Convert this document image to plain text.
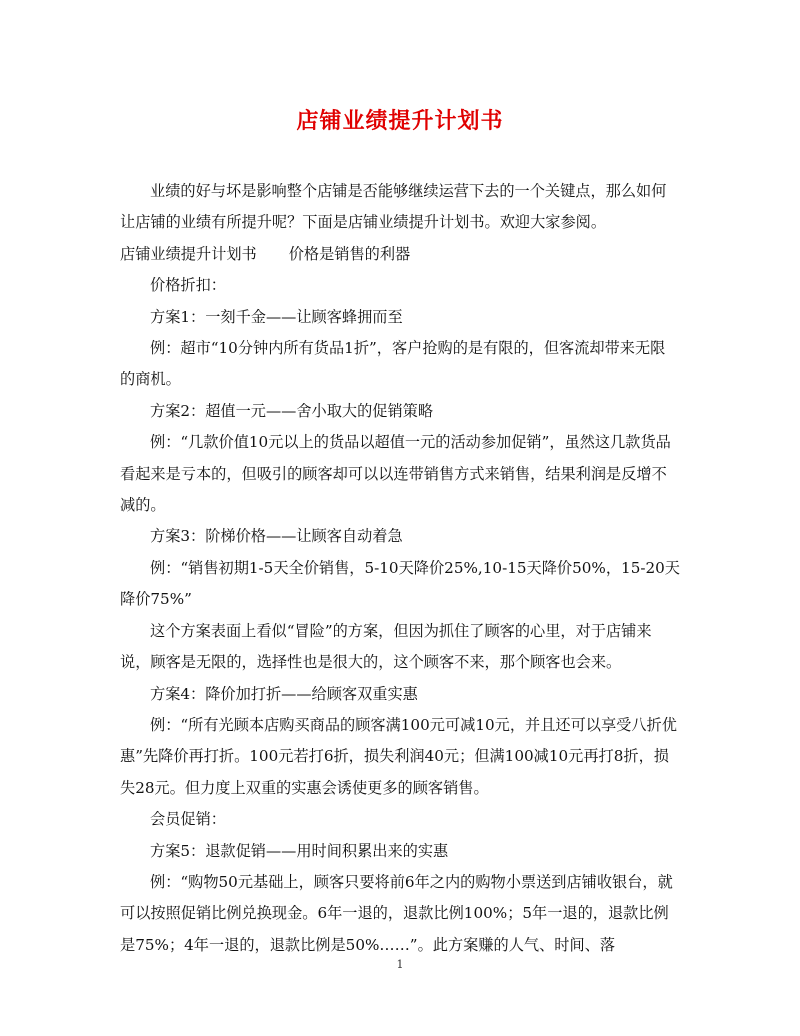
店铺业绩提升计划书

业绩的好与坏是影响整个店铺是否能够继续运营下去的一个关键点，那么如何让店铺的业绩有所提升呢？下面是店铺业绩提升计划书。欢迎大家参阅。

店铺业绩提升计划书 价格是销售的利器

价格折扣：

方案1：一刻千金——让顾客蜂拥而至

例：超市“10分钟内所有货品1折”，客户抢购的是有限的，但客流却带来无限的商机。

方案2：超值一元——舍小取大的促销策略

例：“几款价值10元以上的货品以超值一元的活动参加促销”，虽然这几款货品看起来是亏本的，但吸引的顾客却可以以连带销售方式来销售，结果利润是反增不减的。

方案3：阶梯价格——让顾客自动着急

例：“销售初期1-5天全价销售，5-10天降价25%,10-15天降价50%，15-20天降价75%”

这个方案表面上看似“冒险”的方案，但因为抓住了顾客的心里，对于店铺来说，顾客是无限的，选择性也是很大的，这个顾客不来，那个顾客也会来。

方案4：降价加打折——给顾客双重实惠

例：“所有光顾本店购买商品的顾客满100元可减10元，并且还可以享受八折优惠”先降价再打折。100元若打6折，损失利润40元；但满100减10元再打8折，损失28元。但力度上双重的实惠会诱使更多的顾客销售。

会员促销：

方案5：退款促销——用时间积累出来的实惠

例：“购物50元基础上，顾客只要将前6年之内的购物小票送到店铺收银台，就可以按照促销比例兑换现金。6年一退的，退款比例100%；5年一退的，退款比例是75%；4年一退的，退款比例是50%……”。此方案赚的人气、时间、落

1
